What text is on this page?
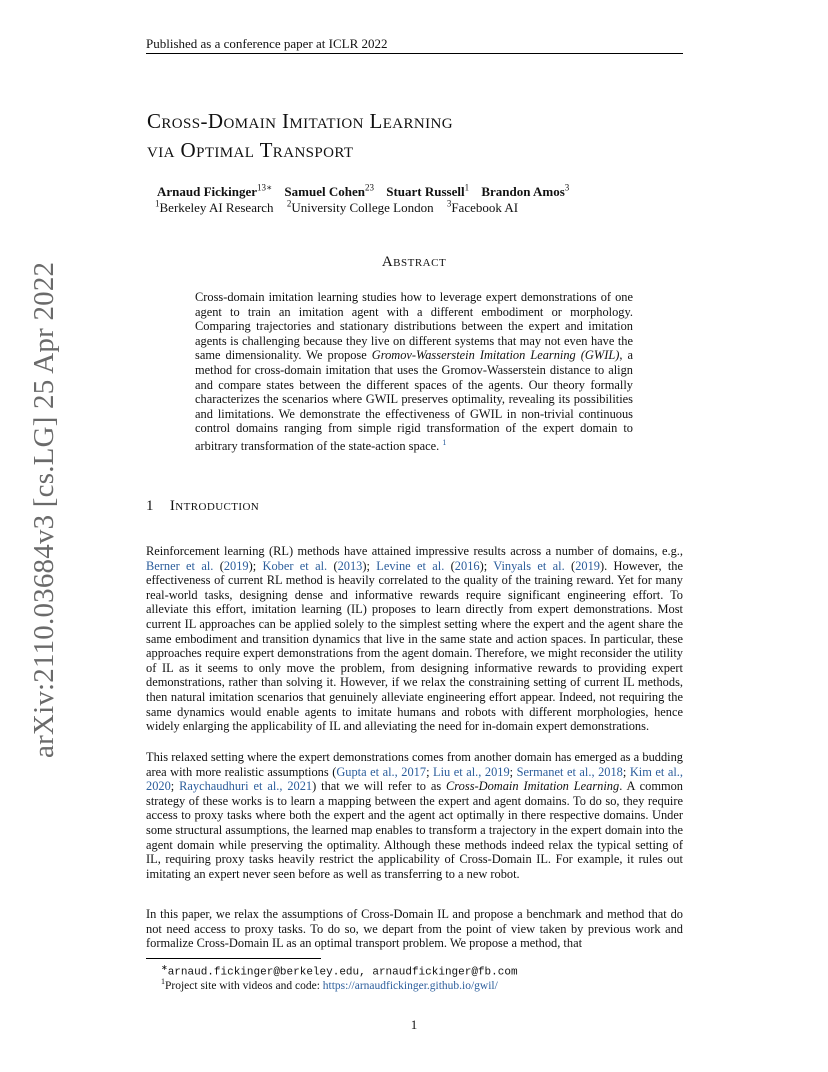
Published as a conference paper at ICLR 2022
arXiv:2110.03684v3 [cs.LG] 25 Apr 2022
Cross-Domain Imitation Learning
via Optimal Transport
Arnaud Fickinger$^{13∗}$ Samuel Cohen$^{23}$ Stuart Russell$^1$ Brandon Amos$^3$
$^1$Berkeley AI Research $^2$University College London $^3$Facebook AI
Abstract
Cross-domain imitation learning studies how to leverage expert demonstrations of one agent to train an imitation agent with a different embodiment or morphology. Comparing trajectories and stationary distributions between the expert and imitation agents is challenging because they live on different systems that may not even have the same dimensionality. We propose Gromov-Wasserstein Imitation Learning (GWIL), a method for cross-domain imitation that uses the Gromov-Wasserstein distance to align and compare states between the different spaces of the agents. Our theory formally characterizes the scenarios where GWIL preserves optimality, revealing its possibilities and limitations. We demonstrate the effectiveness of GWIL in non-trivial continuous control domains ranging from simple rigid transformation of the expert domain to arbitrary transformation of the state-action space. $^1$
1 Introduction
Reinforcement learning (RL) methods have attained impressive results across a number of domains, e.g., Berner et al. (2019); Kober et al. (2013); Levine et al. (2016); Vinyals et al. (2019). However, the effectiveness of current RL method is heavily correlated to the quality of the training reward. Yet for many real-world tasks, designing dense and informative rewards require significant engineering effort. To alleviate this effort, imitation learning (IL) proposes to learn directly from expert demonstrations. Most current IL approaches can be applied solely to the simplest setting where the expert and the agent share the same embodiment and transition dynamics that live in the same state and action spaces. In particular, these approaches require expert demonstrations from the agent domain. Therefore, we might reconsider the utility of IL as it seems to only move the problem, from designing informative rewards to providing expert demonstrations, rather than solving it. However, if we relax the constraining setting of current IL methods, then natural imitation scenarios that genuinely alleviate engineering effort appear. Indeed, not requiring the same dynamics would enable agents to imitate humans and robots with different morphologies, hence widely enlarging the applicability of IL and alleviating the need for in-domain expert demonstrations.
This relaxed setting where the expert demonstrations comes from another domain has emerged as a budding area with more realistic assumptions (Gupta et al., 2017; Liu et al., 2019; Sermanet et al., 2018; Kim et al., 2020; Raychaudhuri et al., 2021) that we will refer to as Cross-Domain Imitation Learning. A common strategy of these works is to learn a mapping between the expert and agent domains. To do so, they require access to proxy tasks where both the expert and the agent act optimally in there respective domains. Under some structural assumptions, the learned map enables to transform a trajectory in the expert domain into the agent domain while preserving the optimality. Although these methods indeed relax the typical setting of IL, requiring proxy tasks heavily restrict the applicability of Cross-Domain IL. For example, it rules out imitating an expert never seen before as well as transferring to a new robot.
In this paper, we relax the assumptions of Cross-Domain IL and propose a benchmark and method that do not need access to proxy tasks. To do so, we depart from the point of view taken by previous work and formalize Cross-Domain IL as an optimal transport problem. We propose a method, that
∗arnaud.fickinger@berkeley.edu, arnaudfickinger@fb.com
$^1$Project site with videos and code: https://arnaudfickinger.github.io/gwil/
1
